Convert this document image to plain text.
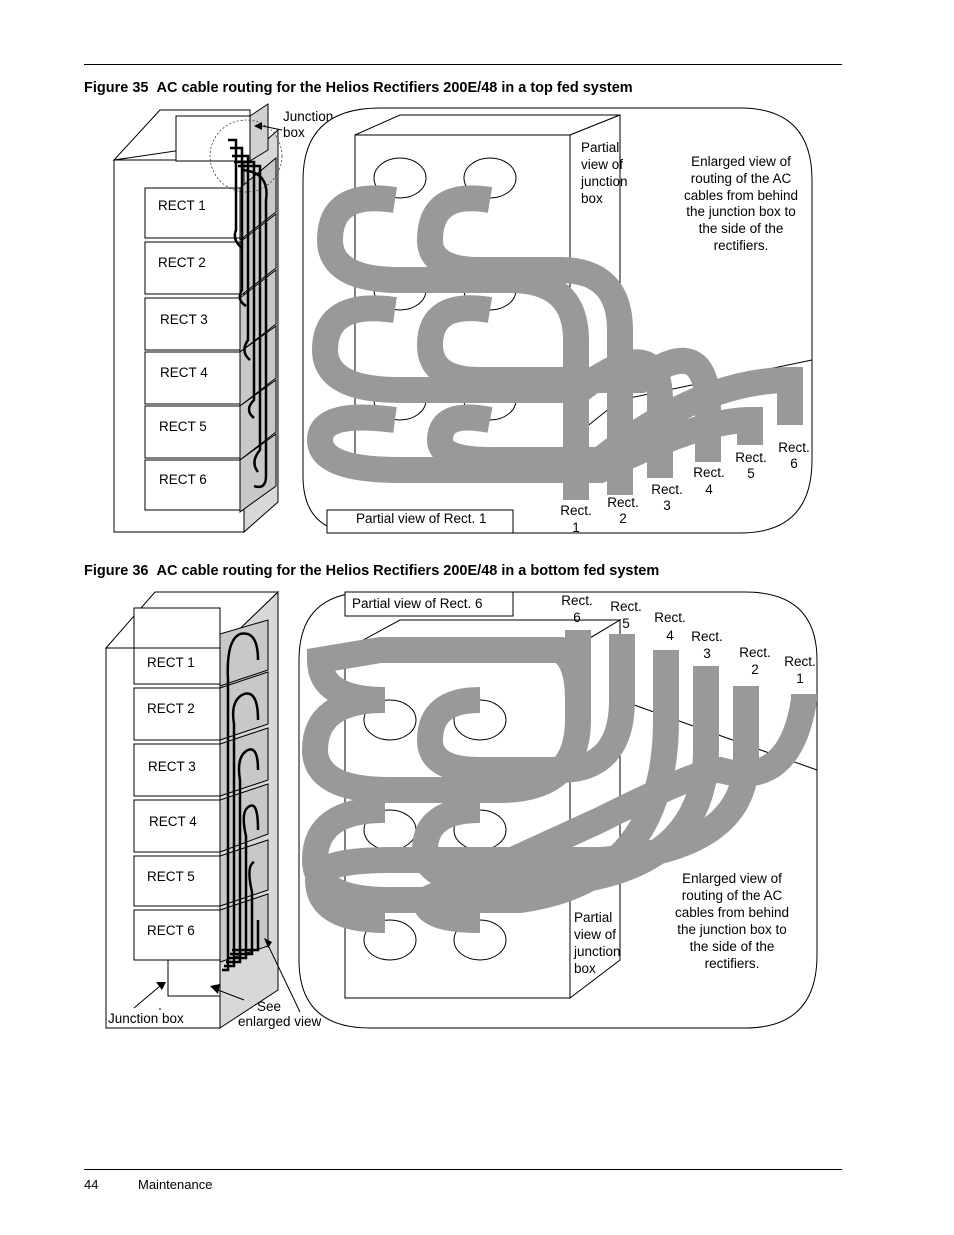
Figure 35 AC cable routing for the Helios Rectifiers 200E/48 in a top fed system
RECT 1
RECT 2
RECT 3
RECT 4
RECT 5
RECT 6
Junction
box
Partial
view of
junction
box
Enlarged view of
routing of the AC
cables from behind
the junction box to
the side of the
rectifiers.
Partial view of Rect. 1
Rect.
1
Rect.
2
Rect.
3
Rect.
4
Rect.
5
Rect.
6
Figure 36 AC cable routing for the Helios Rectifiers 200E/48 in a bottom fed system
RECT 1
RECT 2
RECT 3
RECT 4
RECT 5
RECT 6
Junction box
See
enlarged view
Partial view of Rect. 6
Partial
view of
junction
box
Enlarged view of
routing of the AC
cables from behind
the junction box to
the side of the
rectifiers.
Rect.
6
Rect.
5 Rect.
4 Rect.
3 Rect.
2
Rect.
1
44	Maintenance
